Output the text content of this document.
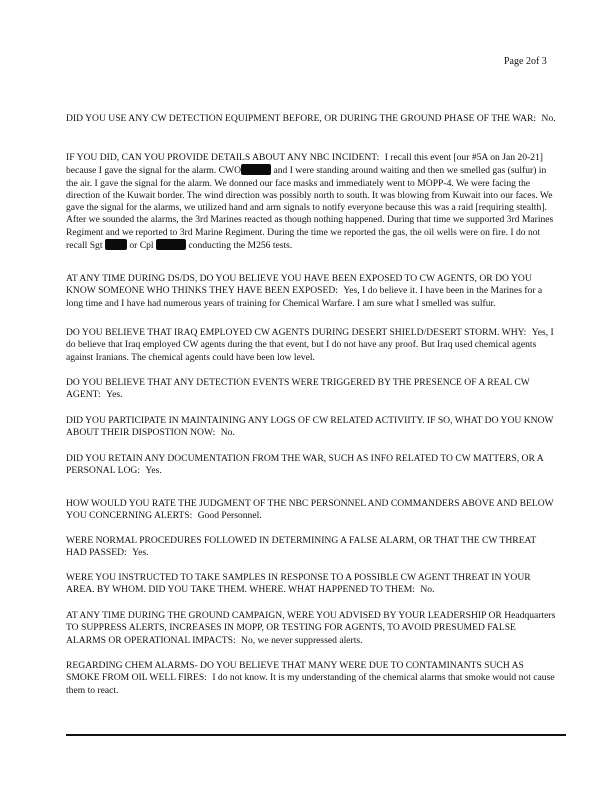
Page 2of 3

DID YOU USE ANY CW DETECTION EQUIPMENT BEFORE, OR DURING THE GROUND PHASE OF THE WAR: No.

IF YOU DID, CAN YOU PROVIDE DETAILS ABOUT ANY NBC INCIDENT: I recall this event [our #5A on Jan 20-21] because I gave the signal for the alarm. CWO	and I were standing around waiting and then we smelled gas (sulfur) in the air. I gave the signal for the alarm. We donned our face masks and immediately went to MOPP-4. We were facing the direction of the Kuwait border. The wind direction was possibly north to south. It was blowing from Kuwait into our faces. We gave the signal for the alarms, we utilized hand and arm signals to notify everyone because this was a raid [requiring stealth]. After we sounded the alarms, the 3rd Marines reacted as though nothing happened. During that time we supported 3rd Marines Regiment and we reported to 3rd Marine Regiment. During the time we reported the gas, the oil wells were on fire. I do not recall Sgt	or Cpl	conducting the M256 tests.

AT ANY TIME DURING DS/DS, DO YOU BELIEVE YOU HAVE BEEN EXPOSED TO CW AGENTS, OR DO YOU KNOW SOMEONE WHO THINKS THEY HAVE BEEN EXPOSED: Yes, I do believe it. I have been in the Marines for a long time and I have had numerous years of training for Chemical Warfare. I am sure what I smelled was sulfur.

DO YOU BELIEVE THAT IRAQ EMPLOYED CW AGENTS DURING DESERT SHIELD/DESERT STORM. WHY: Yes, I do believe that Iraq employed CW agents during the that event, but I do not have any proof. But Iraq used chemical agents against Iranians. The chemical agents could have been low level.

DO YOU BELIEVE THAT ANY DETECTION EVENTS WERE TRIGGERED BY THE PRESENCE OF A REAL CW AGENT: Yes.

DID YOU PARTICIPATE IN MAINTAINING ANY LOGS OF CW RELATED ACTIVIITY. IF SO, WHAT DO YOU KNOW ABOUT THEIR DISPOSTION NOW: No.

DID YOU RETAIN ANY DOCUMENTATION FROM THE WAR, SUCH AS INFO RELATED TO CW MATTERS, OR A PERSONAL LOG: Yes.

HOW WOULD YOU RATE THE JUDGMENT OF THE NBC PERSONNEL AND COMMANDERS ABOVE AND BELOW YOU CONCERNING ALERTS: Good Personnel.

WERE NORMAL PROCEDURES FOLLOWED IN DETERMINING A FALSE ALARM, OR THAT THE CW THREAT HAD PASSED: Yes.

WERE YOU INSTRUCTED TO TAKE SAMPLES IN RESPONSE TO A POSSIBLE CW AGENT THREAT IN YOUR AREA. BY WHOM. DID YOU TAKE THEM. WHERE. WHAT HAPPENED TO THEM: No.

AT ANY TIME DURING THE GROUND CAMPAIGN, WERE YOU ADVISED BY YOUR LEADERSHIP OR Headquarters TO SUPPRESS ALERTS, INCREASES IN MOPP, OR TESTING FOR AGENTS, TO AVOID PRESUMED FALSE ALARMS OR OPERATIONAL IMPACTS: No, we never suppressed alerts.

REGARDING CHEM ALARMS- DO YOU BELIEVE THAT MANY WERE DUE TO CONTAMINANTS SUCH AS SMOKE FROM OIL WELL FIRES: I do not know. It is my understanding of the chemical alarms that smoke would not cause them to react.
